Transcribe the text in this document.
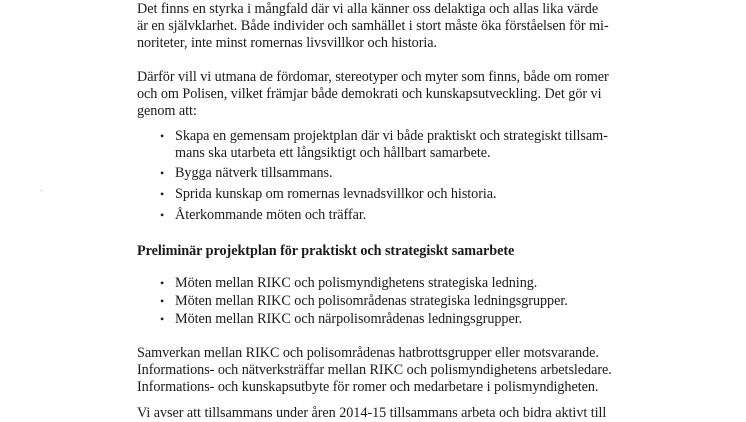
Det finns en styrka i mångfald där vi alla känner oss delaktiga och allas lika värde
är en självklarhet. Både individer och samhället i stort måste öka förståelsen för mi-
noriteter, inte minst romernas livsvillkor och historia.
Därför vill vi utmana de fördomar, stereotyper och myter som finns, både om romer
och om Polisen, vilket främjar både demokrati och kunskapsutveckling. Det gör vi
genom att:
• Skapa en gemensam projektplan där vi både praktiskt och strategiskt tillsam-
mans ska utarbeta ett långsiktigt och hållbart samarbete.
• Bygga nätverk tillsammans.
• Sprida kunskap om romernas levnadsvillkor och historia.
• Återkommande möten och träffar.
Preliminär projektplan för praktiskt och strategiskt samarbete
• Möten mellan RIKC och polismyndighetens strategiska ledning.
• Möten mellan RIKC och polisområdenas strategiska ledningsgrupper.
• Möten mellan RIKC och närpolisområdenas ledningsgrupper.
Samverkan mellan RIKC och polisområdenas hatbrottsgrupper eller motsvarande.
Informations- och nätverksträffar mellan RIKC och polismyndighetens arbetsledare.
Informations- och kunskapsutbyte för romer och medarbetare i polismyndigheten.
Vi avser att tillsammans under åren 2014-15 tillsammans arbeta och bidra aktivt till
